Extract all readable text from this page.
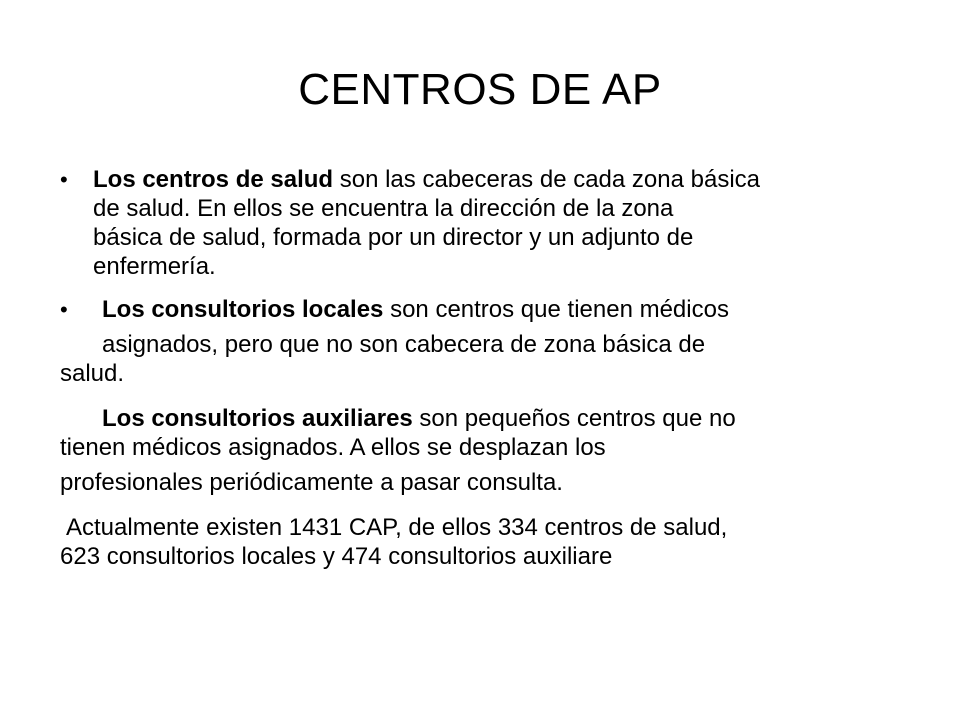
CENTROS DE AP
• Los centros de salud son las cabeceras de cada zona básica
de salud. En ellos se encuentra la dirección de la zona
básica de salud, formada por un director y un adjunto de
enfermería.
• Los consultorios locales son centros que tienen médicos
asignados, pero que no son cabecera de zona básica de
salud.
Los consultorios auxiliares son pequeños centros que no
tienen médicos asignados. A ellos se desplazan los
profesionales periódicamente a pasar consulta.
Actualmente existen 1431 CAP, de ellos 334 centros de salud,
623 consultorios locales y 474 consultorios auxiliare
